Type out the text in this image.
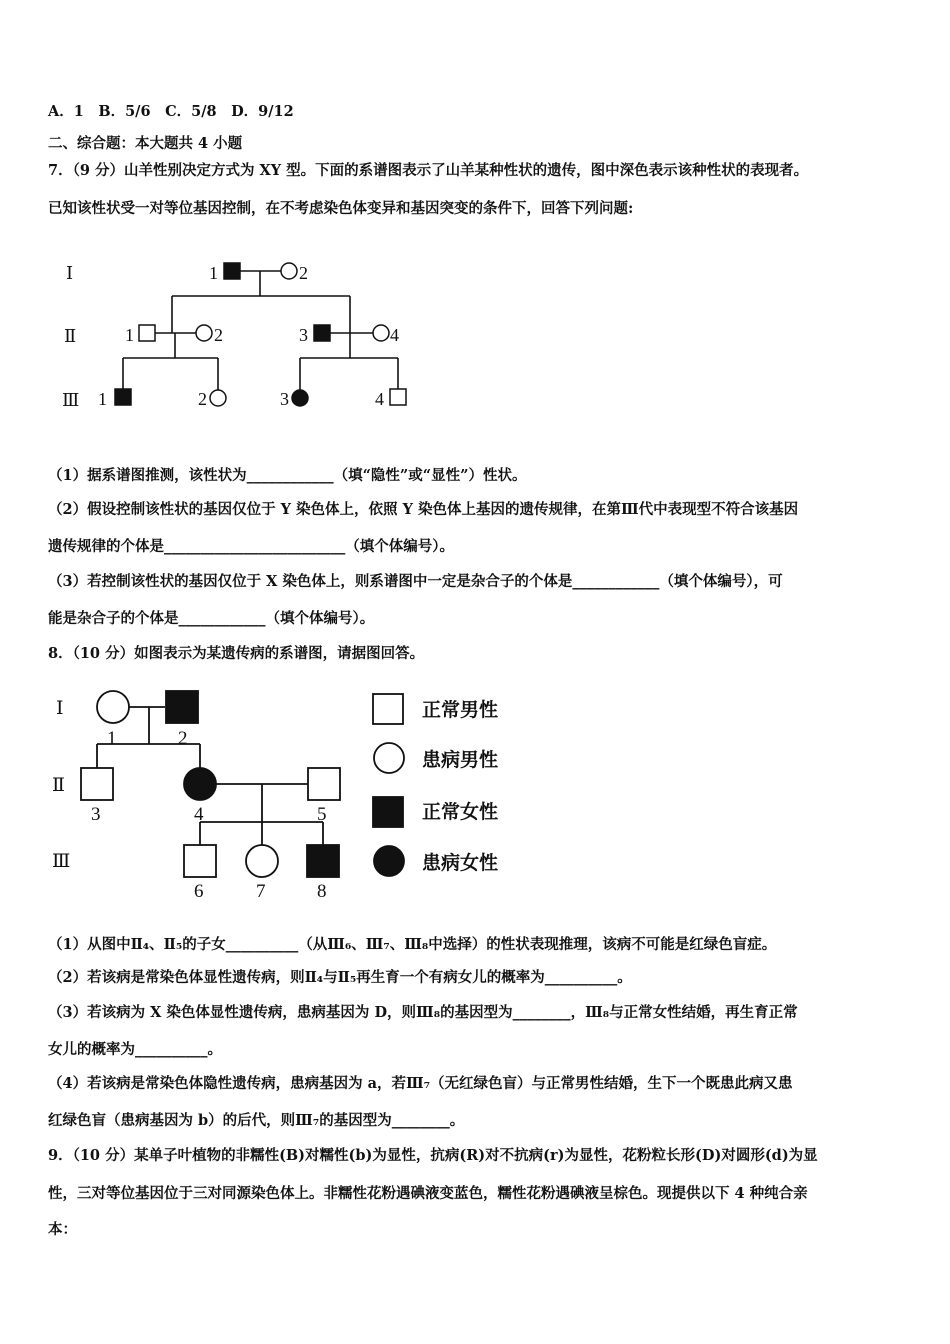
A．1　B．5/6　C．5/8　D．9/12
二、综合题：本大题共 4 小题
7．（9 分）山羊性别决定方式为 XY 型。下面的系谱图表示了山羊某种性状的遗传，图中深色表示该种性状的表现者。
已知该性状受一对等位基因控制，在不考虑染色体变异和基因突变的条件下，回答下列问题:
Ⅰ
Ⅱ
Ⅲ
1	2
1	2	3	4
1	2	3	4
（1）据系谱图推测，该性状为____________（填“隐性”或“显性”）性状。
（2）假设控制该性状的基因仅位于 Y 染色体上，依照 Y 染色体上基因的遗传规律，在第Ⅲ代中表现型不符合该基因
遗传规律的个体是_________________________（填个体编号）。
（3）若控制该性状的基因仅位于 X 染色体上，则系谱图中一定是杂合子的个体是____________（填个体编号），可
能是杂合子的个体是____________（填个体编号）。
8．（10 分）如图表示为某遗传病的系谱图，请据图回答。
Ⅰ
Ⅱ
Ⅲ
1	2
3	4	5
6	7	8
正常男性
患病男性
正常女性
患病女性
（1）从图中Ⅱ₄、Ⅱ₅的子女__________（从Ⅲ₆、Ⅲ₇、Ⅲ₈中选择）的性状表现推理，该病不可能是红绿色盲症。
（2）若该病是常染色体显性遗传病，则Ⅱ₄与Ⅱ₅再生育一个有病女儿的概率为__________。
（3）若该病为 X 染色体显性遗传病，患病基因为 D，则Ⅲ₈的基因型为________，Ⅲ₈与正常女性结婚，再生育正常
女儿的概率为__________。
（4）若该病是常染色体隐性遗传病，患病基因为 a，若Ⅲ₇（无红绿色盲）与正常男性结婚，生下一个既患此病又患
红绿色盲（患病基因为 b）的后代，则Ⅲ₇的基因型为________。
9．（10 分）某单子叶植物的非糯性(B)对糯性(b)为显性，抗病(R)对不抗病(r)为显性，花粉粒长形(D)对圆形(d)为显
性，三对等位基因位于三对同源染色体上。非糯性花粉遇碘液变蓝色，糯性花粉遇碘液呈棕色。现提供以下 4 种纯合亲
本：
